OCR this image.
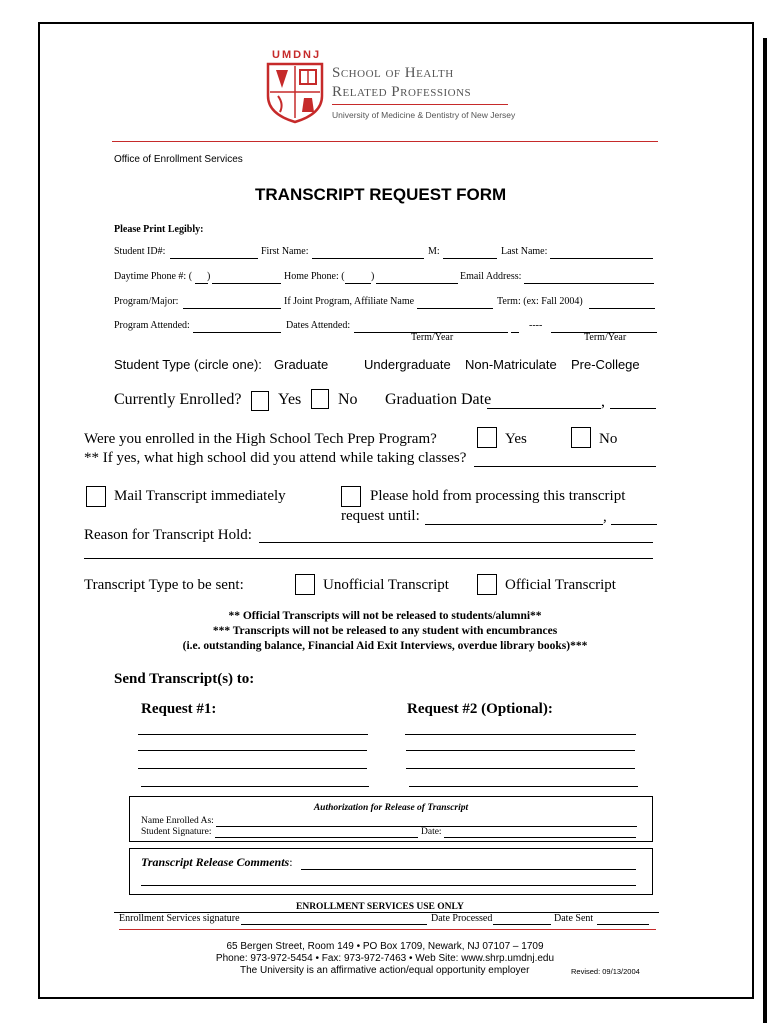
UMDNJ
School of Health
Related Professions
University of Medicine & Dentistry of New Jersey
Office of Enrollment Services
TRANSCRIPT REQUEST FORM
Please Print Legibly:
Student ID#:	First Name:	M:	Last Name:
Daytime Phone #: ( )	Home Phone: (	)	Email Address:
Program/Major:	If Joint Program, Affiliate Name	Term: (ex: Fall 2004)
Program Attended:	Dates Attended:	----
Term/Year	Term/Year
Student Type (circle one): Graduate	Undergraduate Non-Matriculate Pre-College
Currently Enrolled? Yes No Graduation Date	,
Were you enrolled in the High School Tech Prep Program?	Yes	No
** If yes, what high school did you attend while taking classes?
Mail Transcript immediately	Please hold from processing this transcript
request until:	,
Reason for Transcript Hold:
Transcript Type to be sent:	Unofficial Transcript	Official Transcript
** Official Transcripts will not be released to students/alumni**
*** Transcripts will not be released to any student with encumbrances
(i.e. outstanding balance, Financial Aid Exit Interviews, overdue library books)***
Send Transcript(s) to:
Request #1:	Request #2 (Optional):
Authorization for Release of Transcript
Name Enrolled As:
Student Signature:	Date:
Transcript Release Comments:
ENROLLMENT SERVICES USE ONLY
Enrollment Services signature	Date Processed	Date Sent
65 Bergen Street, Room 149 • PO Box 1709, Newark, NJ 07107 – 1709
Phone: 973-972-5454 • Fax: 973-972-7463 • Web Site: www.shrp.umdnj.edu
The University is an affirmative action/equal opportunity employer	Revised: 09/13/2004
